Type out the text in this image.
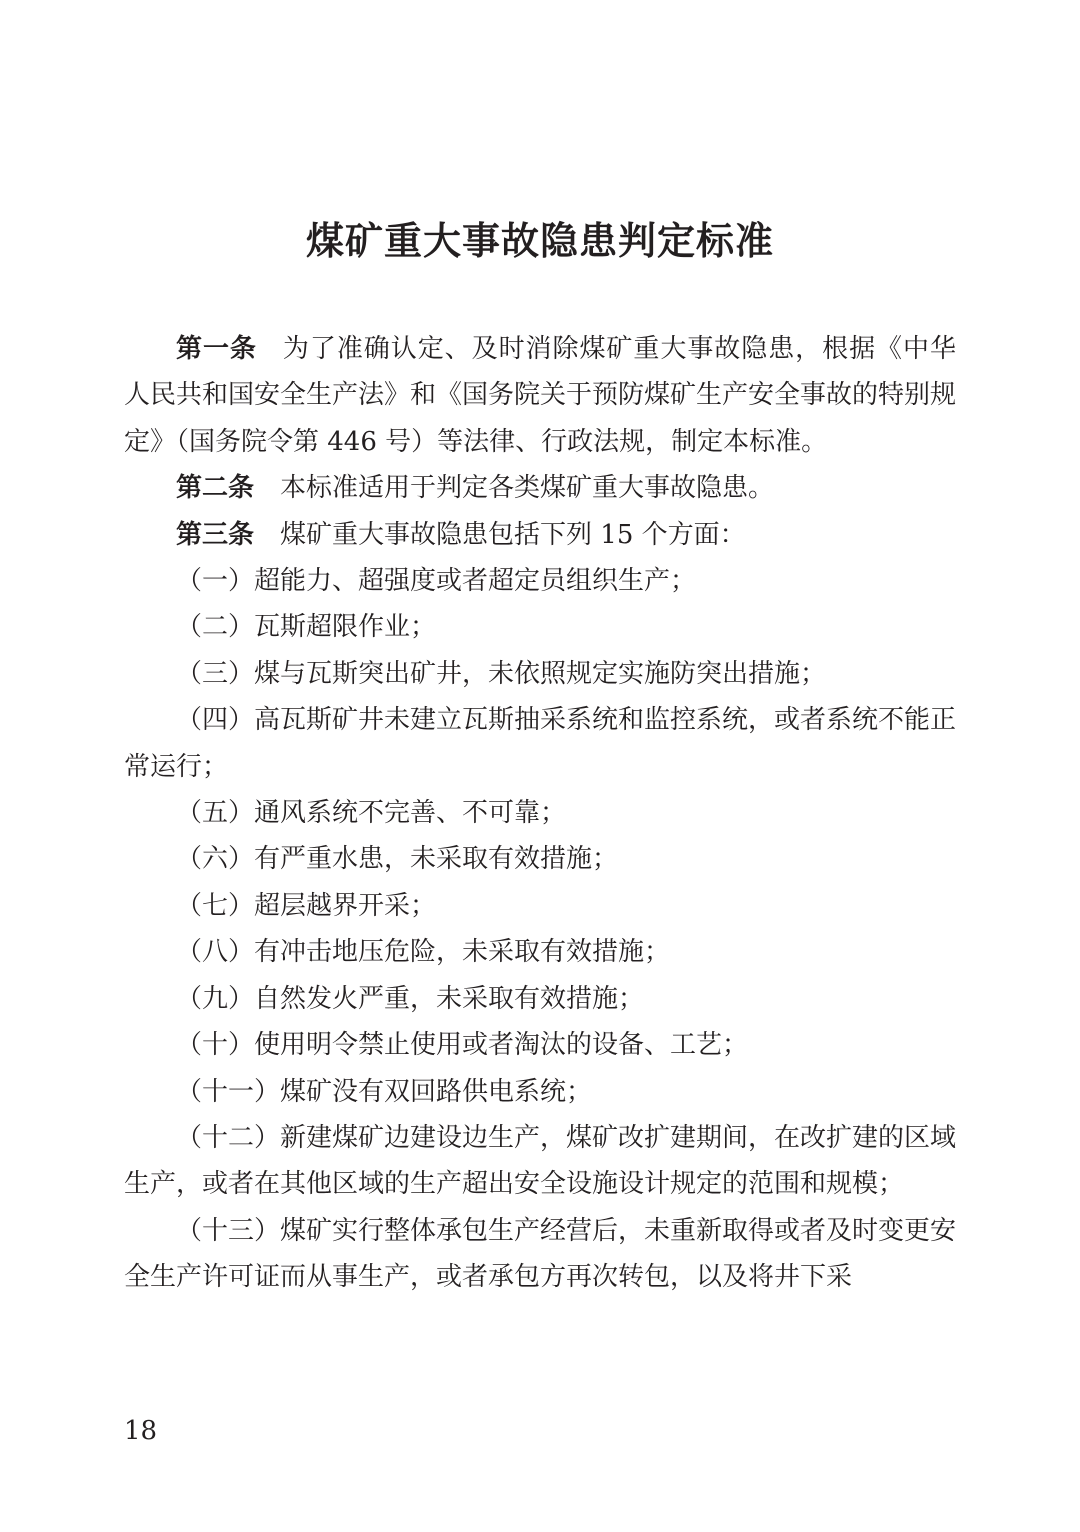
煤矿重大事故隐患判定标准

第一条 为了准确认定、及时消除煤矿重大事故隐患，根据《中华人民共和国安全生产法》和《国务院关于预防煤矿生产安全事故的特别规定》（国务院令第 446 号）等法律、行政法规，制定本标准。

第二条 本标准适用于判定各类煤矿重大事故隐患。

第三条 煤矿重大事故隐患包括下列 15 个方面：

（一）超能力、超强度或者超定员组织生产；

（二）瓦斯超限作业；

（三）煤与瓦斯突出矿井，未依照规定实施防突出措施；

（四）高瓦斯矿井未建立瓦斯抽采系统和监控系统，或者系统不能正常运行；

（五）通风系统不完善、不可靠；

（六）有严重水患，未采取有效措施；

（七）超层越界开采；

（八）有冲击地压危险，未采取有效措施；

（九）自然发火严重，未采取有效措施；

（十）使用明令禁止使用或者淘汰的设备、工艺；

（十一）煤矿没有双回路供电系统；

（十二）新建煤矿边建设边生产，煤矿改扩建期间，在改扩建的区域生产，或者在其他区域的生产超出安全设施设计规定的范围和规模；

（十三）煤矿实行整体承包生产经营后，未重新取得或者及时变更安全生产许可证而从事生产，或者承包方再次转包，以及将井下采

18
